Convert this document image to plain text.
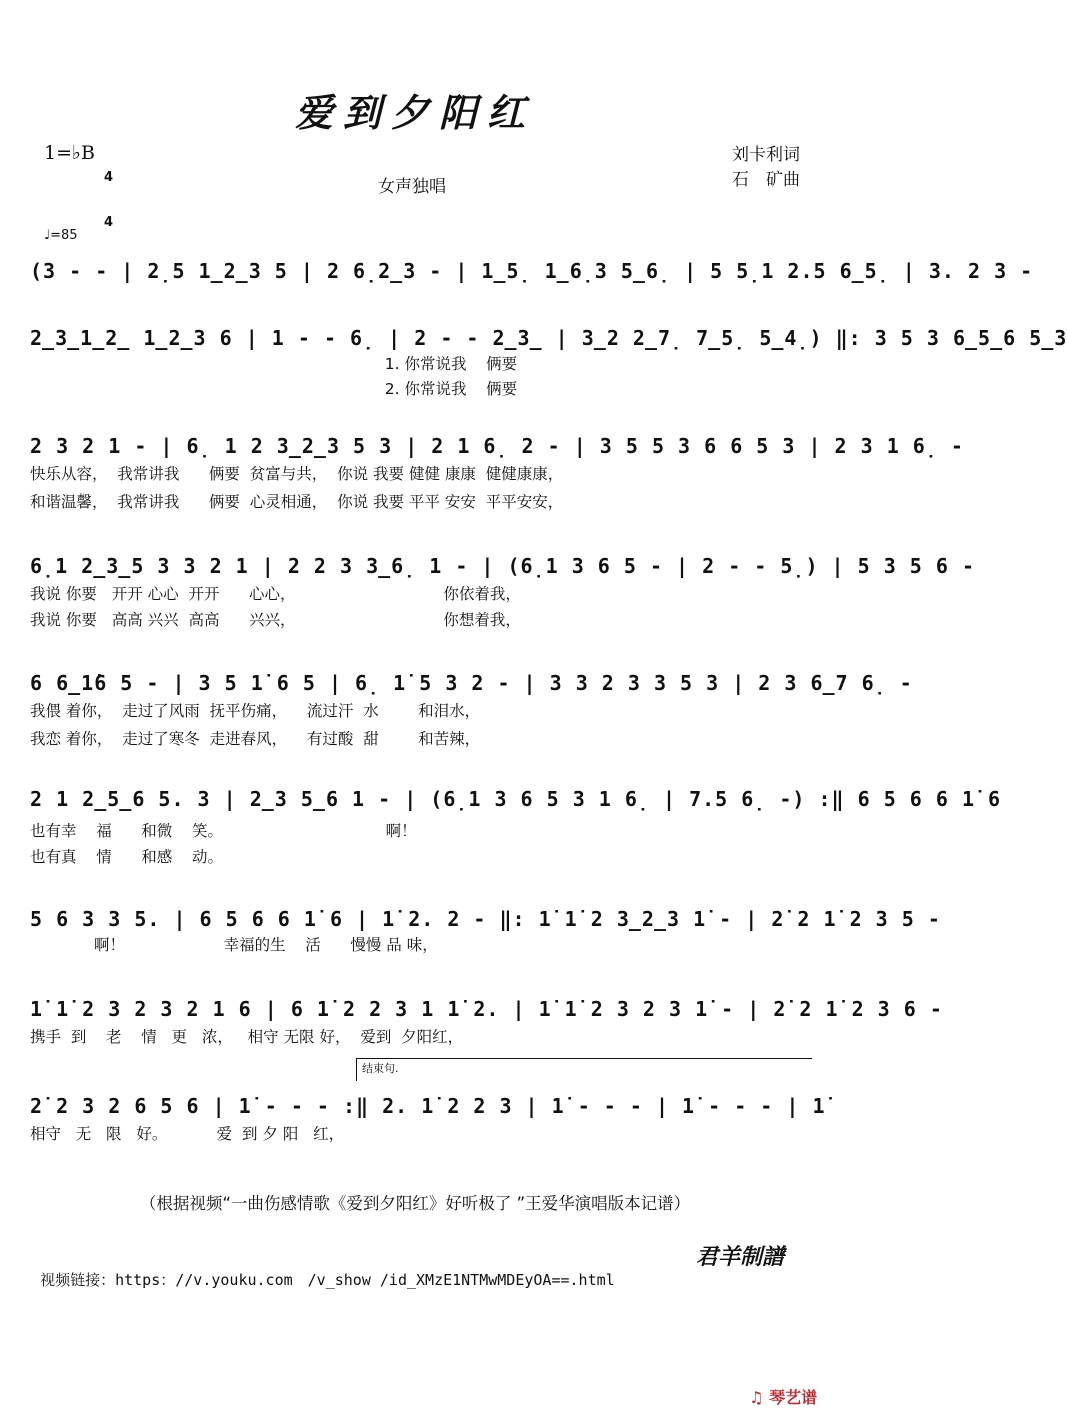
爱到夕阳红
1=♭B

4

4

女声独唱
刘卡利词
石　矿曲
♩=85

(3 - - | 2̣5 1̲2̲3 5 | 2 6̣2̲3 - | 1̲5̣ 1̲6̣3 5̲6̣ | 5 5̣1 2.5 6̲5̣ | 3. 2 3 -

2̲3̲1̲2̲ 1̲2̲3 6 | 1 - - 6̣ | 2 - - 2̲3̲ | 3̲2 2̲7̣ 7̲5̣ 5̲4̣) ‖: 3 5 3 6̲5̲6 5̲3

1. 你常说我    俩要

2. 你常说我    俩要

2 3 2 1 - | 6̣ 1 2 3̲2̲3 5 3 | 2 1 6̣ 2 - | 3 5 5 3 6 6 5 3 | 2 3 1 6̣ -

快乐从容，  我常讲我      俩要  贫富与共，  你说 我要 健健 康康  健健康康，

和谐温馨，  我常讲我      俩要  心灵相通，  你说 我要 平平 安安  平平安安，

6̣1 2̲3̲5 3 3 2 1 | 2 2 3 3̲6̣ 1 - | (6̣1 3 6 5 - | 2 - - 5̣) | 5 3 5 6 -

我说 你要   开开 心心  开开      心心，                              你依着我，

我说 你要   高高 兴兴  高高      兴兴，                              你想着我，

6 6̲1̇6 5 - | 3 5 1̇ 6 5 | 6̣ 1̇ 5 3 2 - | 3 3 2 3 3 5 3 | 2 3 6̲7 6̣ -

我偎 着你，  走过了风雨  抚平伤痛，    流过汗  水        和泪水，

我恋 着你，  走过了寒冬  走进春风，    有过酸  甜        和苦辣，

2 1 2̲5̲6 5. 3 | 2̲3 5̲6 1 - | (6̣1 3 6 5 3 1 6̣ | 7.5 6̣ -) :‖ 6 5 6 6 1̇ 6

也有幸    福      和微    笑。                                 啊！

也有真    情      和感    动。

5 6 3 3 5. | 6 5 6 6 1̇ 6 | 1̇ 2. 2 - ‖: 1̇ 1̇ 2 3̲2̲3 1̇ - | 2̇ 2 1̇ 2 3 5 -

啊！                    幸福的生    活      慢慢 品 味，

1̇ 1̇ 2 3 2 3 2 1 6 | 6 1̇ 2 2 3 1 1̇ 2. | 1̇ 1̇ 2 3 2 3 1̇ - | 2̇ 2 1̇ 2 3 6 -

携手  到    老    情   更   浓，   相守 无限 好，  爱到  夕阳红，

结束句.

2̇ 2 3 2 6 5 6 | 1̇ - - - :‖ 2. 1̇ 2 2 3 | 1̇ - - - | 1̇ - - - | 1̇

相守   无   限   好。          爱  到 夕 阳   红，

（根据视频“一曲伤感情歌《爱到夕阳红》好听极了 ”王爱华演唱版本记谱）

视频链接：https：//v.youku.com　/v_show /id_XMzE1NTMwMDEyOA==.html

君羊制譜

♫ 琴艺谱
